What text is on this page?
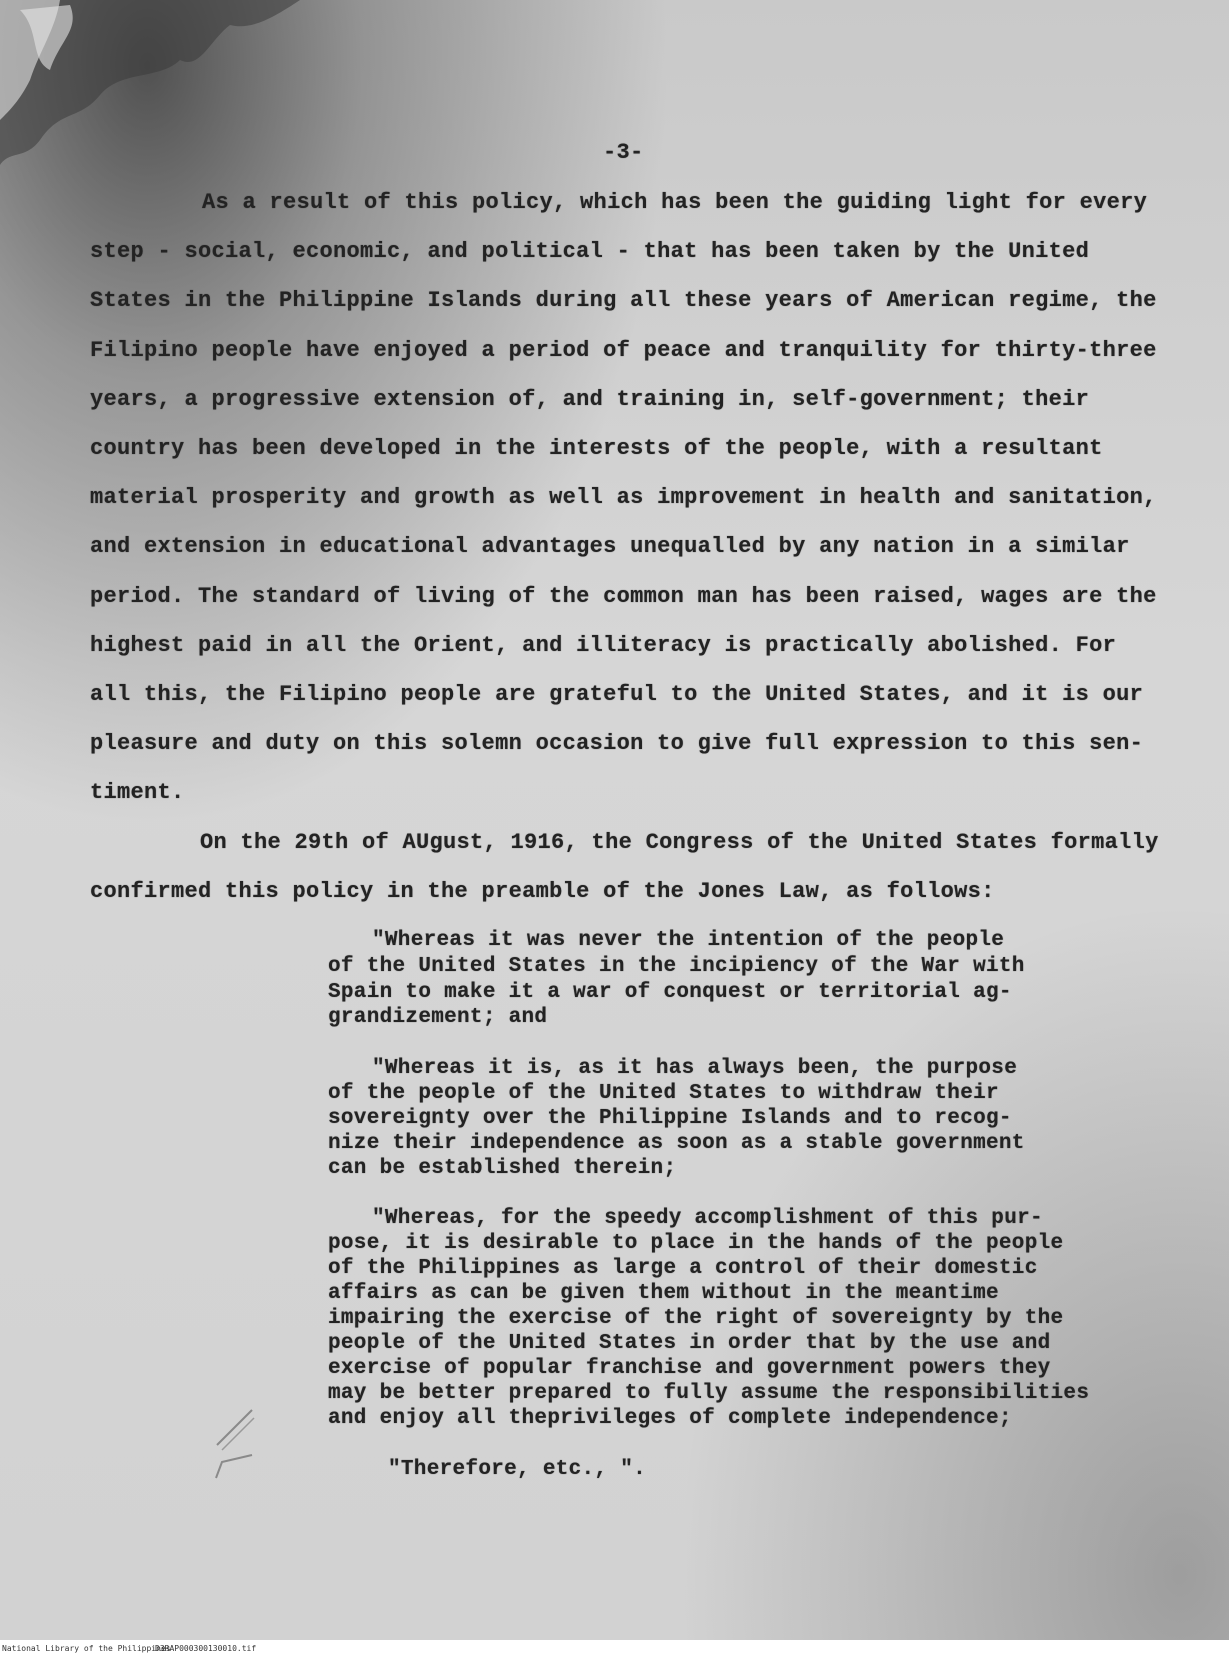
-3-
As a result of this policy, which has been the guiding light for every
step - social, economic, and political - that has been taken by the United
States in the Philippine Islands during all these years of American regime, the
Filipino people have enjoyed a period of peace and tranquility for thirty-three
years, a progressive extension of, and training in, self-government; their
country has been developed in the interests of the people, with a resultant
material prosperity and growth as well as improvement in health and sanitation,
and extension in educational advantages unequalled by any nation in a similar
period. The standard of living of the common man has been raised, wages are the
highest paid in all the Orient, and illiteracy is practically abolished. For
all this, the Filipino people are grateful to the United States, and it is our
pleasure and duty on this solemn occasion to give full expression to this sen-
timent.
On the 29th of AUgust, 1916, the Congress of the United States formally
confirmed this policy in the preamble of the Jones Law, as follows:
"Whereas it was never the intention of the people
of the United States in the incipiency of the War with
Spain to make it a war of conquest or territorial ag-
grandizement; and
"Whereas it is, as it has always been, the purpose
of the people of the United States to withdraw their
sovereignty over the Philippine Islands and to recog-
nize their independence as soon as a stable government
can be established therein;
"Whereas, for the speedy accomplishment of this pur-
pose, it is desirable to place in the hands of the people
of the Philippines as large a control of their domestic
affairs as can be given them without in the meantime
impairing the exercise of the right of sovereignty by the
people of the United States in order that by the use and
exercise of popular franchise and government powers they
may be better prepared to fully assume the responsibilities
and enjoy all theprivileges of complete independence;
"Therefore, etc., ".
National Library of the Philippines
D3RAP000300130010.tif
